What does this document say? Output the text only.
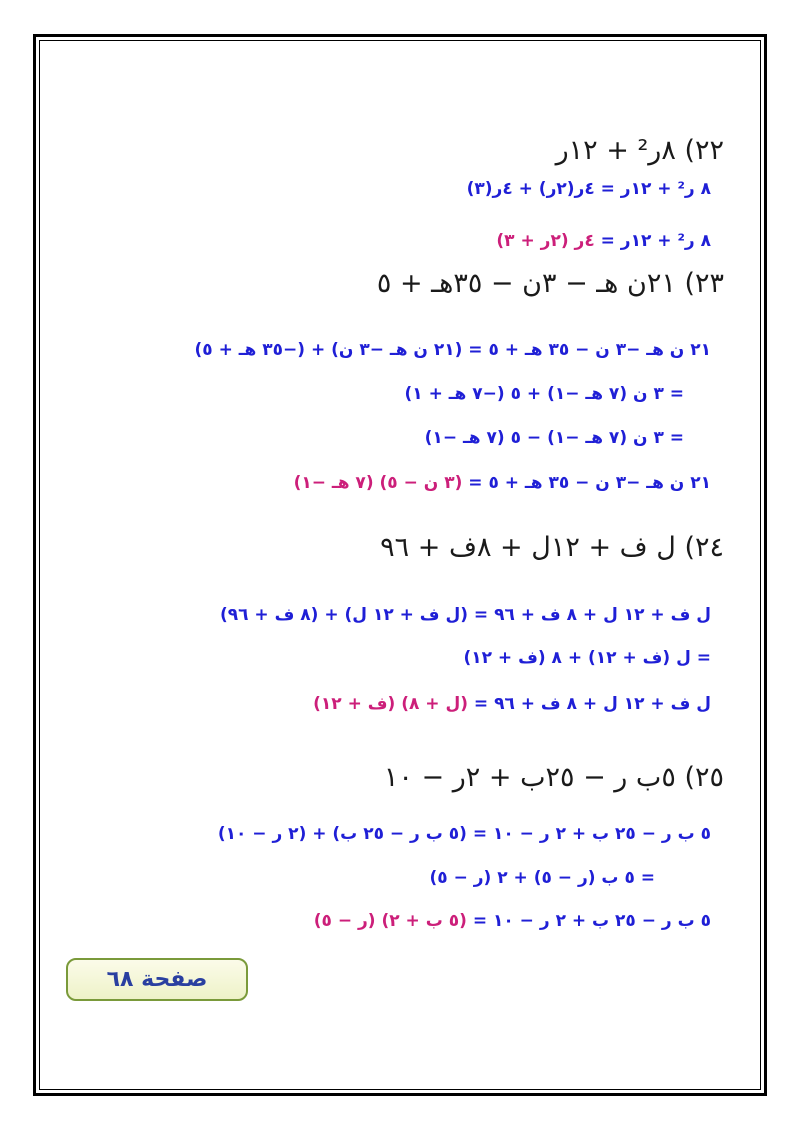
٢٢) ٨ر² + ١٢ر
٨ ر² + ١٢ر = ٤ر(٢ر) + ٤ر(٣)
٨ ر² + ١٢ر = ٤ر (٢ر + ٣)
٢٣) ٢١ن هـ − ٣ن − ٣٥هـ + ٥
٢١ ن هـ −٣ ن − ٣٥ هـ + ٥ = (٢١ ن هـ −٣ ن) + (−٣٥ هـ + ٥)
= ٣ ن (٧ هـ −١) + ٥ (−٧ هـ + ١)
= ٣ ن (٧ هـ −١) − ٥ (٧ هـ −١)
٢١ ن هـ −٣ ن − ٣٥ هـ + ٥ = (٣ ن − ٥) (٧ هـ −١)
٢٤) ل ف + ١٢ل + ٨ف + ٩٦
ل ف + ١٢ ل + ٨ ف + ٩٦ = (ل ف + ١٢ ل) + (٨ ف + ٩٦)
= ل (ف + ١٢) + ٨ (ف + ١٢)
ل ف + ١٢ ل + ٨ ف + ٩٦ = (ل + ٨) (ف + ١٢)
٢٥) ٥ب ر − ٢٥ب + ٢ر − ١٠
٥ ب ر − ٢٥ ب + ٢ ر − ١٠ = (٥ ب ر − ٢٥ ب) + (٢ ر − ١٠)
= ٥ ب (ر − ٥) + ٢ (ر − ٥)
٥ ب ر − ٢٥ ب + ٢ ر − ١٠ = (٥ ب + ٢) (ر − ٥)
صفحة ٦٨
